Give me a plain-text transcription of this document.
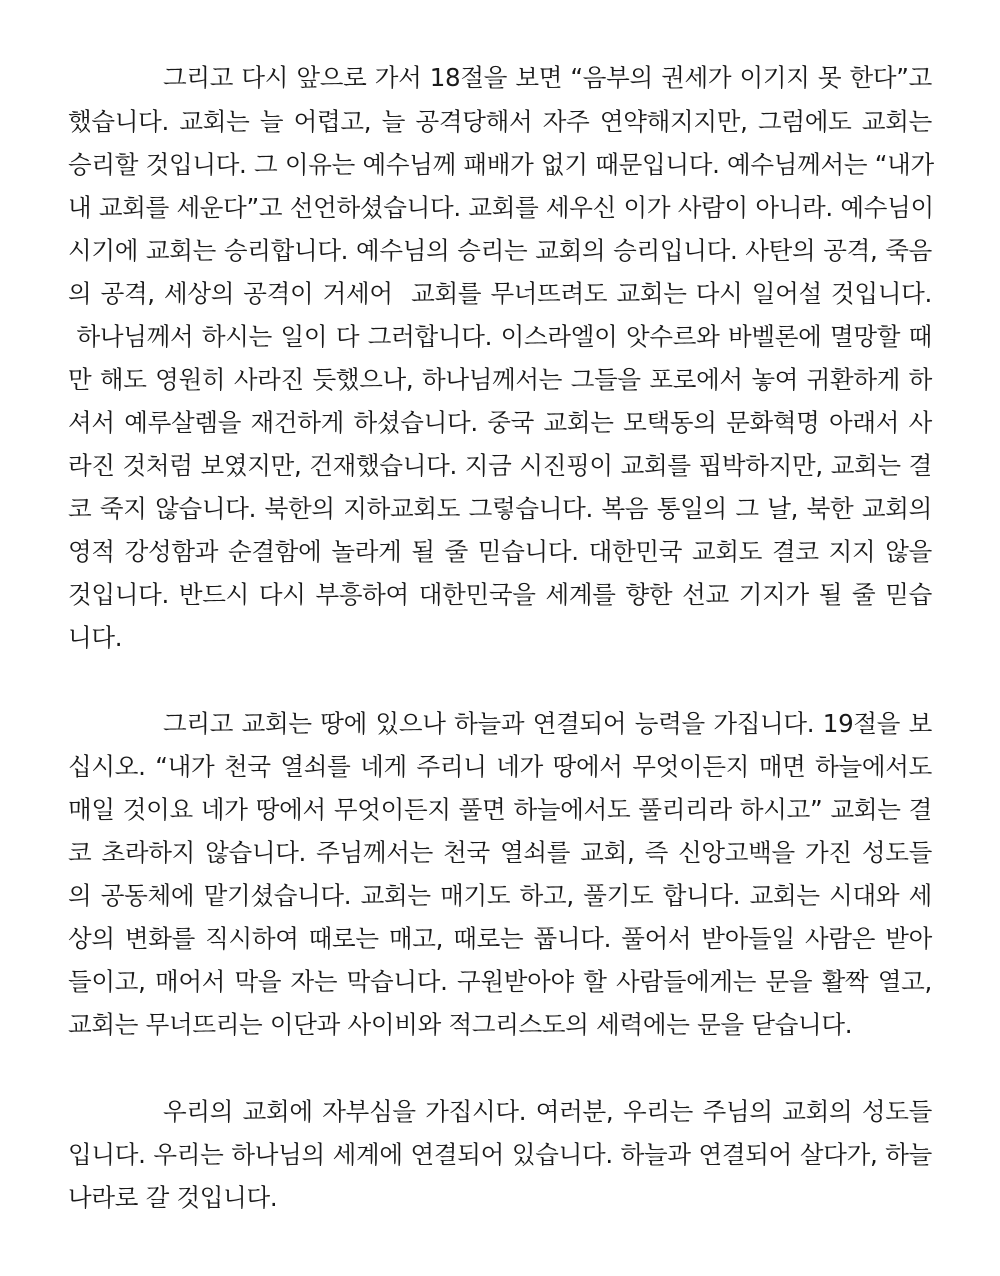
그리고 다시 앞으로 가서 18절을 보면 “음부의 권세가 이기지 못 한다”고
했습니다. 교회는 늘 어렵고, 늘 공격당해서 자주 연약해지지만, 그럼에도 교회는
승리할 것입니다. 그 이유는 예수님께 패배가 없기 때문입니다. 예수님께서는 “내가
내 교회를 세운다”고 선언하셨습니다. 교회를 세우신 이가 사람이 아니라. 예수님이
시기에 교회는 승리합니다. 예수님의 승리는 교회의 승리입니다. 사탄의 공격, 죽음
의 공격, 세상의 공격이 거세어  교회를 무너뜨려도 교회는 다시 일어설 것입니다.
하나님께서 하시는 일이 다 그러합니다. 이스라엘이 앗수르와 바벨론에 멸망할 때
만 해도 영원히 사라진 듯했으나, 하나님께서는 그들을 포로에서 놓여 귀환하게 하
셔서 예루살렘을 재건하게 하셨습니다. 중국 교회는 모택동의 문화혁명 아래서 사
라진 것처럼 보였지만, 건재했습니다. 지금 시진핑이 교회를 핍박하지만, 교회는 결
코 죽지 않습니다. 북한의 지하교회도 그렇습니다. 복음 통일의 그 날, 북한 교회의
영적 강성함과 순결함에 놀라게 될 줄 믿습니다. 대한민국 교회도 결코 지지 않을
것입니다. 반드시 다시 부흥하여 대한민국을 세계를 향한 선교 기지가 될 줄 믿습
니다.
그리고 교회는 땅에 있으나 하늘과 연결되어 능력을 가집니다. 19절을 보
십시오. “내가 천국 열쇠를 네게 주리니 네가 땅에서 무엇이든지 매면 하늘에서도
매일 것이요 네가 땅에서 무엇이든지 풀면 하늘에서도 풀리리라 하시고” 교회는 결
코 초라하지 않습니다. 주님께서는 천국 열쇠를 교회, 즉 신앙고백을 가진 성도들
의 공동체에 맡기셨습니다. 교회는 매기도 하고, 풀기도 합니다. 교회는 시대와 세
상의 변화를 직시하여 때로는 매고, 때로는 풉니다. 풀어서 받아들일 사람은 받아
들이고, 매어서 막을 자는 막습니다. 구원받아야 할 사람들에게는 문을 활짝 열고,
교회는 무너뜨리는 이단과 사이비와 적그리스도의 세력에는 문을 닫습니다.
우리의 교회에 자부심을 가집시다. 여러분, 우리는 주님의 교회의 성도들
입니다. 우리는 하나님의 세계에 연결되어 있습니다. 하늘과 연결되어 살다가, 하늘
나라로 갈 것입니다.
